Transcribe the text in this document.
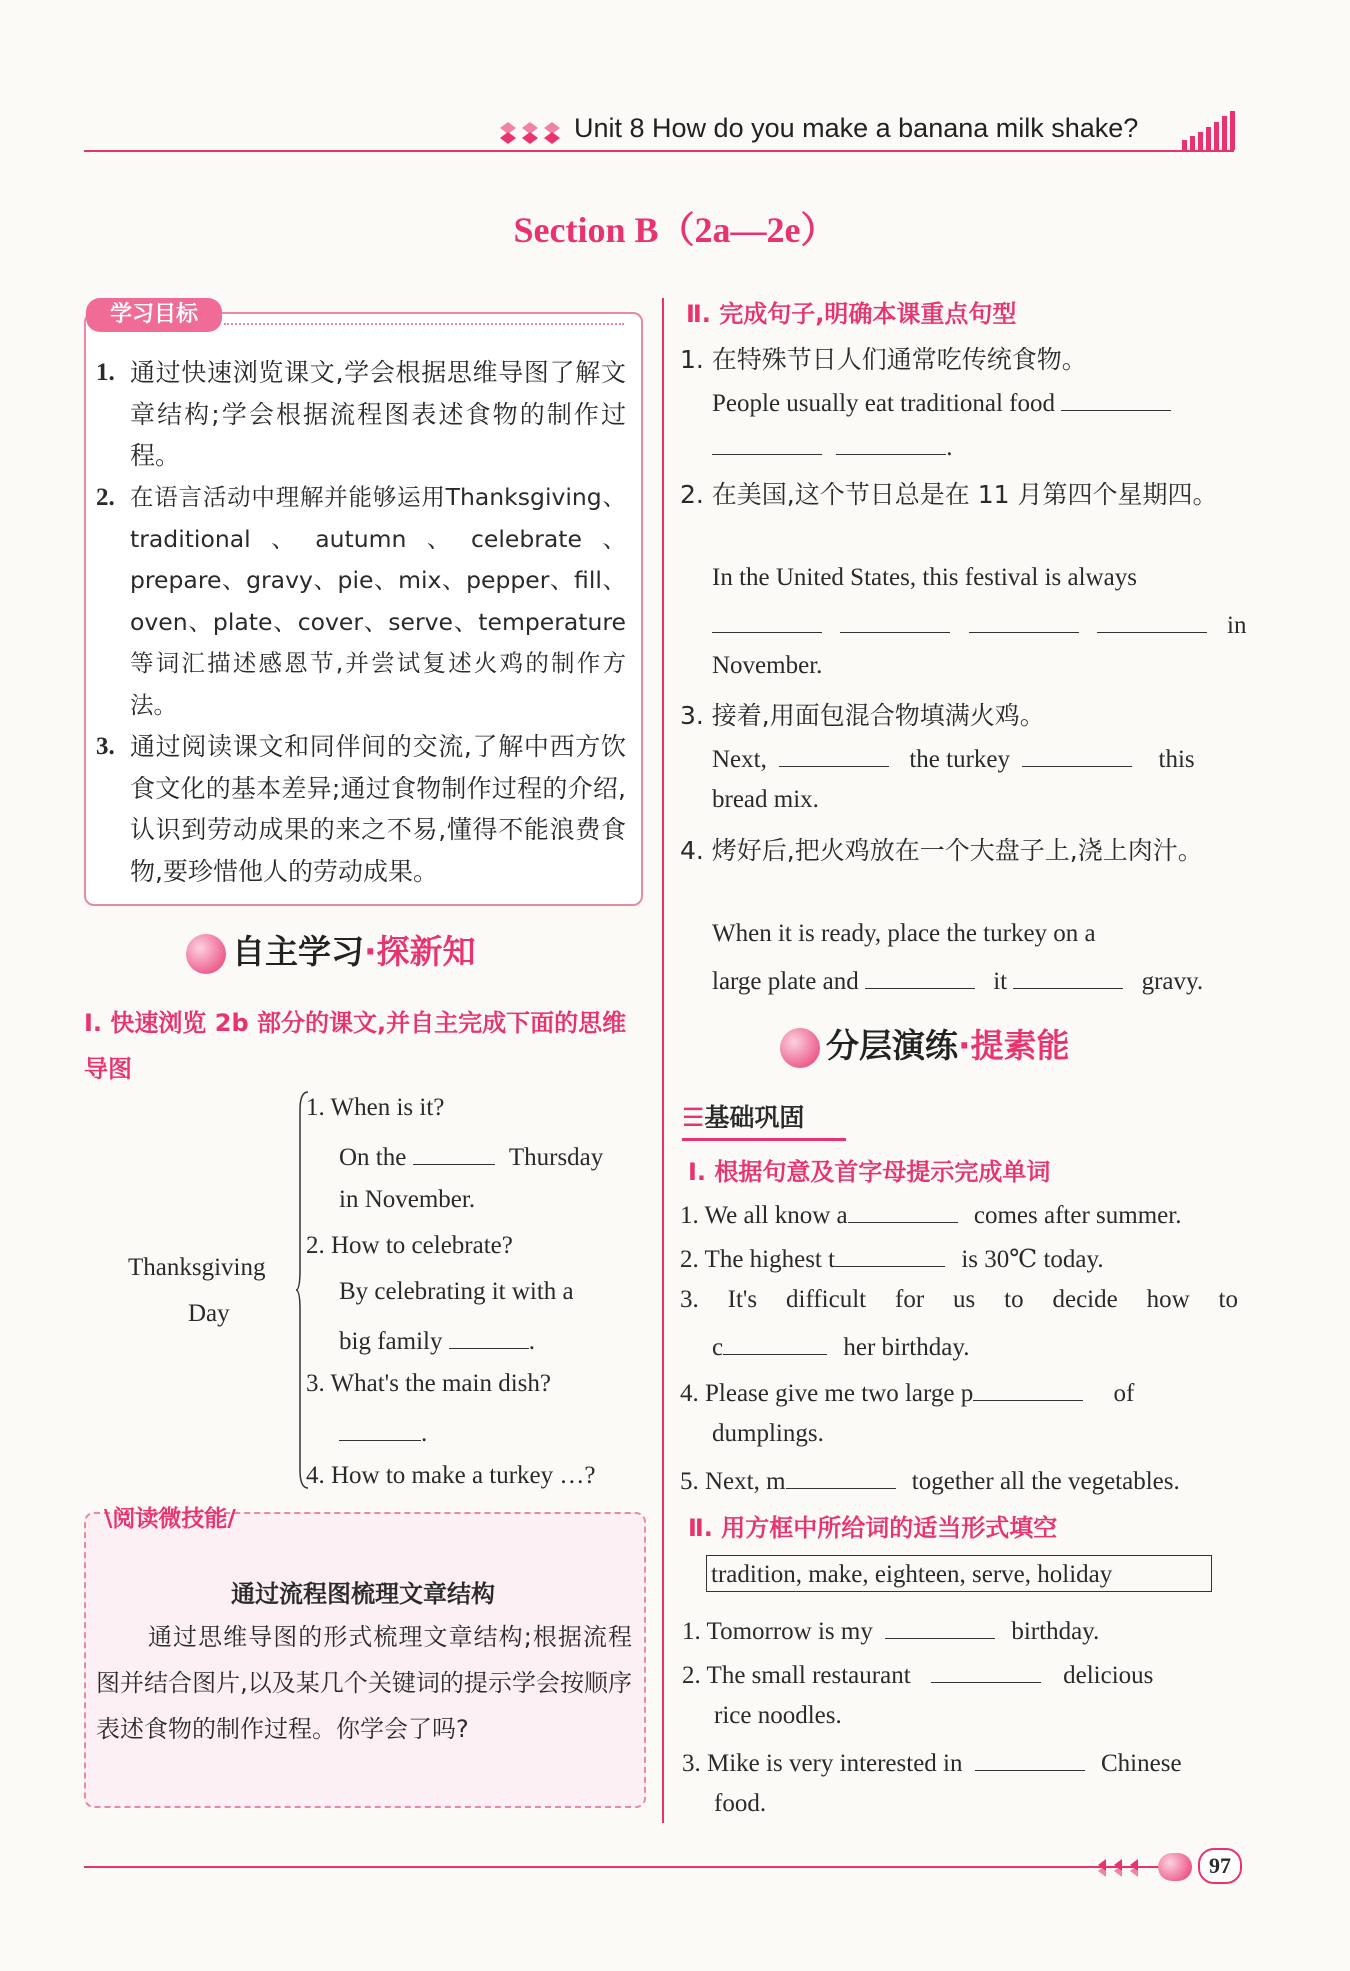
Unit 8 How do you make a banana milk shake?
Section B（2a—2e）
学习目标
1. 通过快速浏览课文,学会根据思维导图了解文章结构;学会根据流程图表述食物的制作过程。
2. 在语言活动中理解并能够运用Thanksgiving、traditional、autumn、celebrate、prepare、gravy、pie、mix、pepper、fill、oven、plate、cover、serve、temperature 等词汇描述感恩节,并尝试复述火鸡的制作方法。
3. 通过阅读课文和同伴间的交流,了解中西方饮食文化的基本差异;通过食物制作过程的介绍,认识到劳动成果的来之不易,懂得不能浪费食物,要珍惜他人的劳动成果。
自主学习·探新知
Ⅰ. 快速浏览 2b 部分的课文,并自主完成下面的思维导图
Thanksgiving
Day
1. When is it?
On the	Thursday
in November.
2. How to celebrate?
By celebrating it with a
big family	.
3. What's the main dish?
.
4. How to make a turkey …?
\阅读微技能/
通过流程图梳理文章结构
通过思维导图的形式梳理文章结构;根据流程图并结合图片,以及某几个关键词的提示学会按顺序表述食物的制作过程。你学会了吗?
Ⅱ. 完成句子,明确本课重点句型
1. 在特殊节日人们通常吃传统食物。
People usually eat traditional food
.
2. 在美国,这个节日总是在 11 月第四个星期四。
In the United States, this festival is always
in
November.
3. 接着,用面包混合物填满火鸡。
Next,	the turkey	this
bread mix.
4. 烤好后,把火鸡放在一个大盘子上,浇上肉汁。
When it is ready, place the turkey on a
large plate and	it	gravy.
分层演练·提素能
☰基础巩固
Ⅰ. 根据句意及首字母提示完成单词
1. We all know a	comes after summer.
2. The highest t	is 30℃ today.
3. It's difficult for us to decide how to
c	her birthday.
4. Please give me two large p	of
dumplings.
5. Next, m	together all the vegetables.
Ⅱ. 用方框中所给词的适当形式填空
tradition, make, eighteen, serve, holiday
1. Tomorrow is my	birthday.
2. The small restaurant	delicious
rice noodles.
3. Mike is very interested in	Chinese
food.
97
